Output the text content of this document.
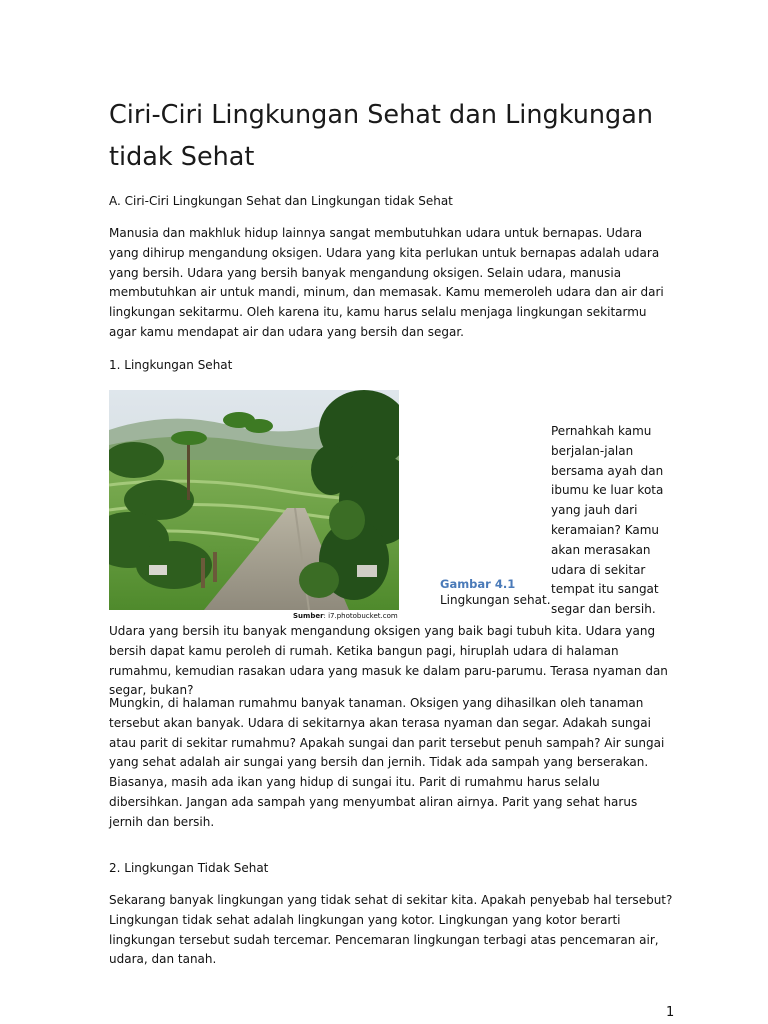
Ciri-Ciri Lingkungan Sehat dan Lingkungan tidak Sehat

A. Ciri-Ciri Lingkungan Sehat dan Lingkungan tidak Sehat

Manusia dan makhluk hidup lainnya sangat membutuhkan udara untuk bernapas. Udara yang dihirup mengandung oksigen. Udara yang kita perlukan untuk bernapas adalah udara yang bersih. Udara yang bersih banyak mengandung oksigen. Selain udara, manusia membutuhkan air untuk mandi, minum, dan memasak. Kamu memeroleh udara dan air dari lingkungan sekitarmu. Oleh karena itu, kamu harus selalu menjaga lingkungan sekitarmu agar kamu mendapat air dan udara yang bersih dan segar.

1. Lingkungan Sehat

Sumber: i7.photobucket.com
Gambar 4.1
Lingkungan sehat.

Pernahkah kamu berjalan-jalan bersama ayah dan ibumu ke luar kota yang jauh dari keramaian? Kamu akan merasakan udara di sekitar tempat itu sangat segar dan bersih.

Udara yang bersih itu banyak mengandung oksigen yang baik bagi tubuh kita. Udara yang bersih dapat kamu peroleh di rumah. Ketika bangun pagi, hiruplah udara di halaman rumahmu, kemudian rasakan udara yang masuk ke dalam paru-parumu. Terasa nyaman dan segar, bukan?

Mungkin, di halaman rumahmu banyak tanaman. Oksigen yang dihasilkan oleh tanaman tersebut akan banyak. Udara di sekitarnya akan terasa nyaman dan segar. Adakah sungai atau parit di sekitar rumahmu? Apakah sungai dan parit tersebut penuh sampah? Air sungai yang sehat adalah air sungai yang bersih dan jernih. Tidak ada sampah yang berserakan. Biasanya, masih ada ikan yang hidup di sungai itu. Parit di rumahmu harus selalu dibersihkan. Jangan ada sampah yang menyumbat aliran airnya. Parit yang sehat harus jernih dan bersih.

2. Lingkungan Tidak Sehat

Sekarang banyak lingkungan yang tidak sehat di sekitar kita. Apakah penyebab hal tersebut? Lingkungan tidak sehat adalah lingkungan yang kotor. Lingkungan yang kotor berarti lingkungan tersebut sudah tercemar. Pencemaran lingkungan terbagi atas pencemaran air, udara, dan tanah.

1
